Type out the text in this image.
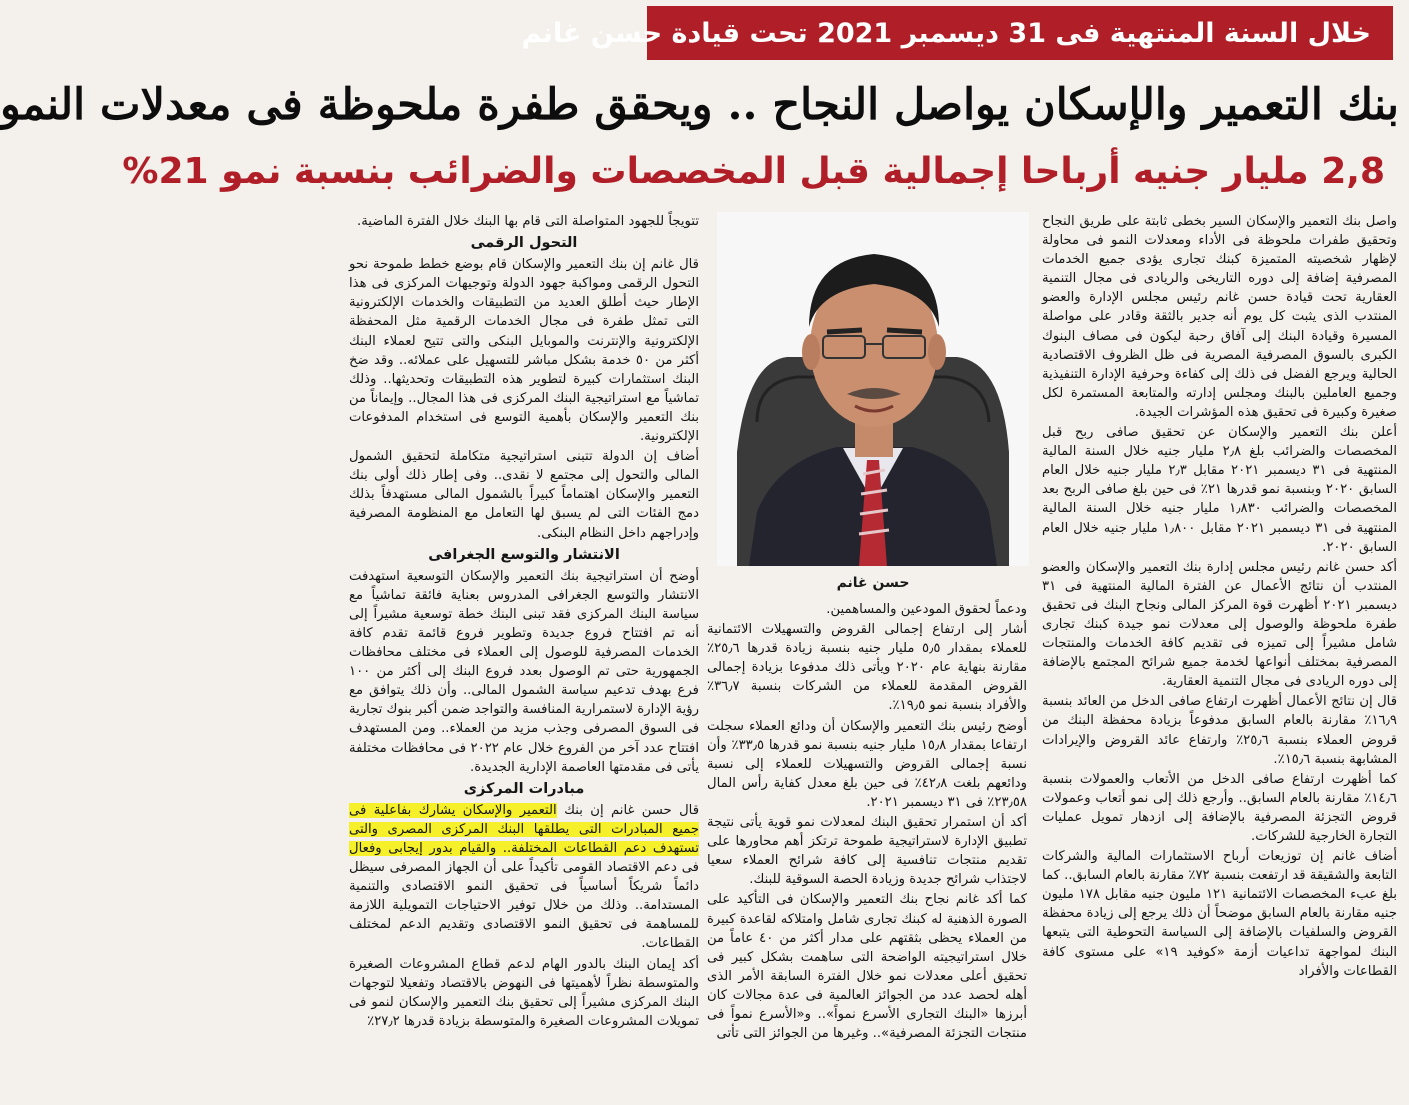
خلال السنة المنتهية فى 31 ديسمبر 2021 تحت قيادة حسن غانم
بنك التعمير والإسكان يواصل النجاح .. ويحقق طفرة ملحوظة فى معدلات النمو
2,8 مليار جنيه أرباحا إجمالية قبل المخصصات والضرائب بنسبة نمو 21%

واصل بنك التعمير والإسكان السير بخطى ثابتة على طريق النجاح وتحقيق طفرات ملحوظة فى الأداء ومعدلات النمو فى محاولة لإظهار شخصيته المتميزة كبنك تجارى يؤدى جميع الخدمات المصرفية إضافة إلى دوره التاريخى والريادى فى مجال التنمية العقارية تحت قيادة حسن غانم رئيس مجلس الإدارة والعضو المنتدب الذى يثبت كل يوم أنه جدير بالثقة وقادر على مواصلة المسيرة وقيادة البنك إلى آفاق رحبة ليكون فى مصاف البنوك الكبرى بالسوق المصرفية المصرية فى ظل الظروف الاقتصادية الحالية ويرجع الفضل فى ذلك إلى كفاءة وحرفية الإدارة التنفيذية وجميع العاملين بالبنك ومجلس إدارته والمتابعة المستمرة لكل صغيرة وكبيرة فى تحقيق هذه المؤشرات الجيدة.

أعلن بنك التعمير والإسكان عن تحقيق صافى ربح قبل المخصصات والضرائب بلغ ٢٫٨ مليار جنيه خلال السنة المالية المنتهية فى ٣١ ديسمبر ٢٠٢١ مقابل ٢٫٣ مليار جنيه خلال العام السابق ٢٠٢٠ وبنسبة نمو قدرها ٢١٪ فى حين بلغ صافى الربح بعد المخصصات والضرائب ١٫٨٣٠ مليار جنيه خلال السنة المالية المنتهية فى ٣١ ديسمبر ٢٠٢١ مقابل ١٫٨٠٠ مليار جنيه خلال العام السابق ٢٠٢٠.

أكد حسن غانم رئيس مجلس إدارة بنك التعمير والإسكان والعضو المنتدب أن نتائج الأعمال عن الفترة المالية المنتهية فى ٣١ ديسمبر ٢٠٢١ أظهرت قوة المركز المالى ونجاح البنك فى تحقيق طفرة ملحوظة والوصول إلى معدلات نمو جيدة كبنك تجارى شامل مشيراً إلى تميزه فى تقديم كافة الخدمات والمنتجات المصرفية بمختلف أنواعها لخدمة جميع شرائح المجتمع بالإضافة إلى دوره الريادى فى مجال التنمية العقارية.

قال إن نتائج الأعمال أظهرت ارتفاع صافى الدخل من العائد بنسبة ١٦٫٩٪ مقارنة بالعام السابق مدفوعاً بزيادة محفظة البنك من قروض العملاء بنسبة ٢٥٫٦٪ وارتفاع عائد القروض والإيرادات المشابهة بنسبة ١٥٫٦٪.

كما أظهرت ارتفاع صافى الدخل من الأتعاب والعمولات بنسبة ١٤٫٦٪ مقارنة بالعام السابق.. وأرجع ذلك إلى نمو أتعاب وعمولات قروض التجزئة المصرفية بالإضافة إلى ازدهار تمويل عمليات التجارة الخارجية للشركات.

أضاف غانم إن توزيعات أرباح الاستثمارات المالية والشركات التابعة والشقيقة قد ارتفعت بنسبة ٧٢٪ مقارنة بالعام السابق.. كما بلغ عبء المخصصات الائتمانية ١٢١ مليون جنيه مقابل ١٧٨ مليون جنيه مقارنة بالعام السابق موضحاً أن ذلك يرجع إلى زيادة محفظة القروض والسلفيات بالإضافة إلى السياسة التحوطية التى يتبعها البنك لمواجهة تداعيات أزمة «كوفيد ١٩» على مستوى كافة القطاعات والأفراد

حسن غانم

ودعماً لحقوق المودعين والمساهمين.

أشار إلى ارتفاع إجمالى القروض والتسهيلات الائتمانية للعملاء بمقدار ٥٫٥ مليار جنيه بنسبة زيادة قدرها ٢٥٫٦٪ مقارنة بنهاية عام ٢٠٢٠ ويأتى ذلك مدفوعا بزيادة إجمالى القروض المقدمة للعملاء من الشركات بنسبة ٣٦٫٧٪ والأفراد بنسبة نمو ١٩٫٥٪.

أوضح رئيس بنك التعمير والإسكان أن ودائع العملاء سجلت ارتفاعا بمقدار ١٥٫٨ مليار جنيه بنسبة نمو قدرها ٣٣٫٥٪ وأن نسبة إجمالى القروض والتسهيلات للعملاء إلى نسبة ودائعهم بلغت ٤٢٫٨٪ فى حين بلغ معدل كفاية رأس المال ٢٣٫٥٨٪ فى ٣١ ديسمبر ٢٠٢١.

أكد أن استمرار تحقيق البنك لمعدلات نمو قوية يأتى نتيجة تطبيق الإدارة لاستراتيجية طموحة ترتكز أهم محاورها على تقديم منتجات تنافسية إلى كافة شرائح العملاء سعيا لاجتذاب شرائح جديدة وزيادة الحصة السوقية للبنك.

كما أكد غانم نجاح بنك التعمير والإسكان فى التأكيد على الصورة الذهنية له كبنك تجارى شامل وامتلاكه لقاعدة كبيرة من العملاء يحظى بثقتهم على مدار أكثر من ٤٠ عاماً من خلال استراتيجيته الواضحة التى ساهمت بشكل كبير فى تحقيق أعلى معدلات نمو خلال الفترة السابقة الأمر الذى أهله لحصد عدد من الجوائز العالمية فى عدة مجالات كان أبرزها «البنك التجارى الأسرع نمواً».. و«الأسرع نمواً فى منتجات التجزئة المصرفية».. وغيرها من الجوائز التى تأتى

تتويجاً للجهود المتواصلة التى قام بها البنك خلال الفترة الماضية.

التحول الرقمى

قال غانم إن بنك التعمير والإسكان قام بوضع خطط طموحة نحو التحول الرقمى ومواكبة جهود الدولة وتوجيهات المركزى فى هذا الإطار حيث أطلق العديد من التطبيقات والخدمات الإلكترونية التى تمثل طفرة فى مجال الخدمات الرقمية مثل المحفظة الإلكترونية والإنترنت والموبايل البنكى والتى تتيح لعملاء البنك أكثر من ٥٠ خدمة بشكل مباشر للتسهيل على عملائه.. وقد ضخ البنك استثمارات كبيرة لتطوير هذه التطبيقات وتحديثها.. وذلك تماشياً مع استراتيجية البنك المركزى فى هذا المجال.. وإيماناً من بنك التعمير والإسكان بأهمية التوسع فى استخدام المدفوعات الإلكترونية.

أضاف إن الدولة تتبنى استراتيجية متكاملة لتحقيق الشمول المالى والتحول إلى مجتمع لا نقدى.. وفى إطار ذلك أولى بنك التعمير والإسكان اهتماماً كبيراً بالشمول المالى مستهدفاً بذلك دمج الفئات التى لم يسبق لها التعامل مع المنظومة المصرفية وإدراجهم داخل النظام البنكى.

الانتشار والتوسع الجغرافى

أوضح أن استراتيجية بنك التعمير والإسكان التوسعية استهدفت الانتشار والتوسع الجغرافى المدروس بعناية فائقة تماشياً مع سياسة البنك المركزى فقد تبنى البنك خطة توسعية مشيراً إلى أنه تم افتتاح فروع جديدة وتطوير فروع قائمة تقدم كافة الخدمات المصرفية للوصول إلى العملاء فى مختلف محافظات الجمهورية حتى تم الوصول بعدد فروع البنك إلى أكثر من ١٠٠ فرع بهدف تدعيم سياسة الشمول المالى.. وأن ذلك يتوافق مع رؤية الإدارة لاستمرارية المنافسة والتواجد ضمن أكبر بنوك تجارية فى السوق المصرفى وجذب مزيد من العملاء.. ومن المستهدف افتتاح عدد آخر من الفروع خلال عام ٢٠٢٢ فى محافظات مختلفة يأتى فى مقدمتها العاصمة الإدارية الجديدة.

مبادرات المركزى

قال حسن غانم إن بنك التعمير والإسكان يشارك بفاعلية فى جميع المبادرات التى يطلقها البنك المركزى المصرى والتى تستهدف دعم القطاعات المختلفة.. والقيام بدور إيجابى وفعال فى دعم الاقتصاد القومى تأكيداً على أن الجهاز المصرفى سيظل دائماً شريكاً أساسياً فى تحقيق النمو الاقتصادى والتنمية المستدامة.. وذلك من خلال توفير الاحتياجات التمويلية اللازمة للمساهمة فى تحقيق النمو الاقتصادى وتقديم الدعم لمختلف القطاعات.

أكد إيمان البنك بالدور الهام لدعم قطاع المشروعات الصغيرة والمتوسطة نظراً لأهميتها فى النهوض بالاقتصاد وتفعيلا لتوجهات البنك المركزى مشيراً إلى تحقيق بنك التعمير والإسكان لنمو فى تمويلات المشروعات الصغيرة والمتوسطة بزيادة قدرها ٢٧٫٢٪
